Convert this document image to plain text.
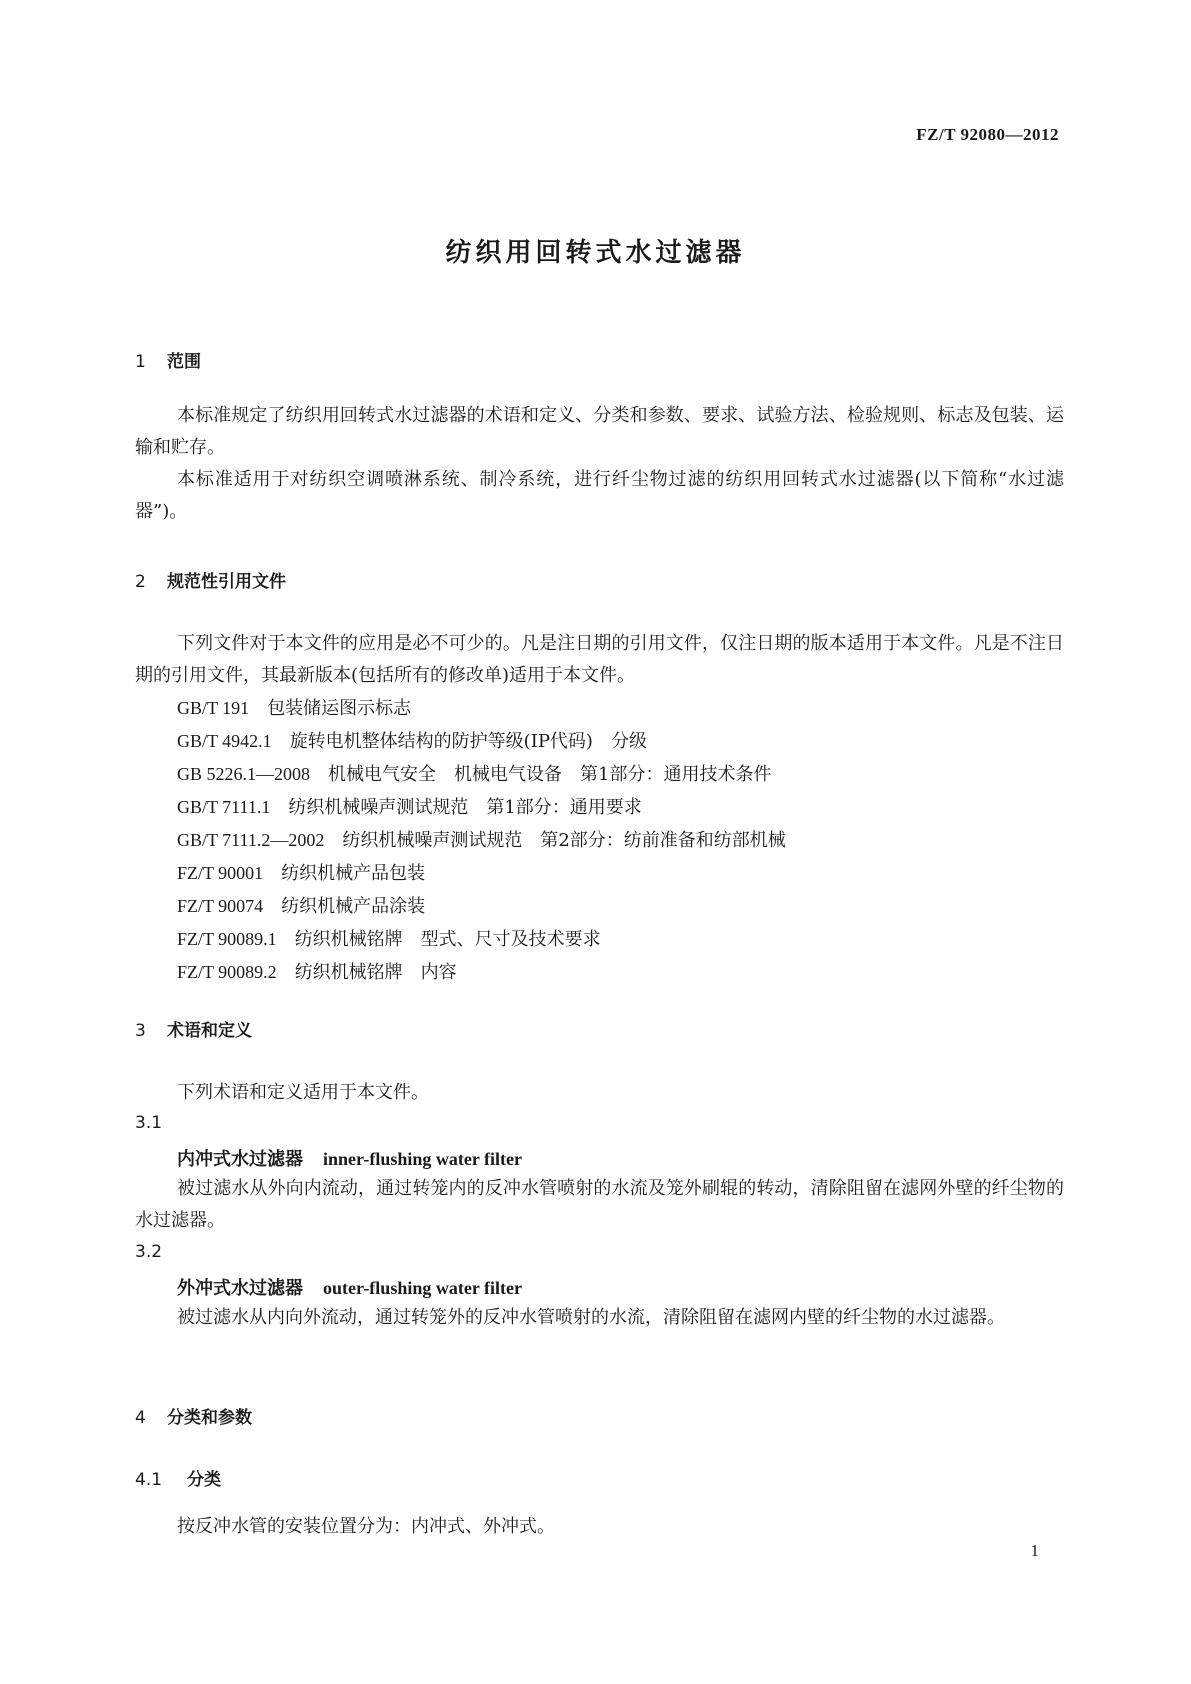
FZ/T 92080—2012
纺织用回转式水过滤器
1 范围

本标准规定了纺织用回转式水过滤器的术语和定义、分类和参数、要求、试验方法、检验规则、标志及包装、运输和贮存。

本标准适用于对纺织空调喷淋系统、制冷系统，进行纤尘物过滤的纺织用回转式水过滤器(以下简称“水过滤器”)。

2 规范性引用文件

下列文件对于本文件的应用是必不可少的。凡是注日期的引用文件，仅注日期的版本适用于本文件。凡是不注日期的引用文件，其最新版本(包括所有的修改单)适用于本文件。

GB/T 191 包装储运图示标志
GB/T 4942.1 旋转电机整体结构的防护等级(IP代码)　分级
GB 5226.1—2008 机械电气安全　机械电气设备　第1部分：通用技术条件
GB/T 7111.1 纺织机械噪声测试规范　第1部分：通用要求
GB/T 7111.2—2002 纺织机械噪声测试规范　第2部分：纺前准备和纺部机械
FZ/T 90001 纺织机械产品包装
FZ/T 90074 纺织机械产品涂装
FZ/T 90089.1 纺织机械铭牌　型式、尺寸及技术要求
FZ/T 90089.2 纺织机械铭牌　内容
3 术语和定义

下列术语和定义适用于本文件。

3.1
内冲式水过滤器 inner-flushing water filter

被过滤水从外向内流动，通过转笼内的反冲水管喷射的水流及笼外刷辊的转动，清除阻留在滤网外壁的纤尘物的水过滤器。

3.2
外冲式水过滤器 outer-flushing water filter

被过滤水从内向外流动，通过转笼外的反冲水管喷射的水流，清除阻留在滤网内壁的纤尘物的水过滤器。

4 分类和参数
4.1 分类

按反冲水管的安装位置分为：内冲式、外冲式。

1
